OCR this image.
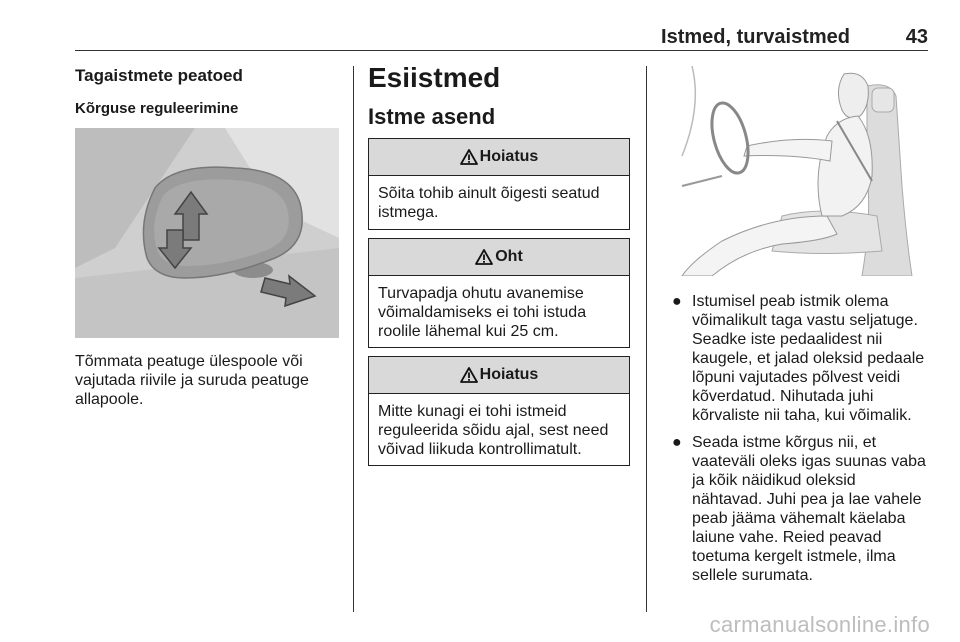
Istmed, turvaistmed	43
Tagaistmete peatoed
Kõrguse reguleerimine
Tõmmata peatuge ülespoole või vajutada riivile ja suruda peatuge allapoole.
Esiistmed
Istme asend
Hoiatus
Sõita tohib ainult õigesti seatud istmega.
Oht
Turvapadja ohutu avanemise võimaldamiseks ei tohi istuda roolile lähemal kui 25 cm.
Hoiatus
Mitte kunagi ei tohi istmeid reguleerida sõidu ajal, sest need võivad liikuda kontrollimatult.
● Istumisel peab istmik olema võimalikult taga vastu seljatuge. Seadke iste pedaalidest nii kaugele, et jalad oleksid pedaale lõpuni vajutades põlvest veidi kõverdatud. Nihutada juhi kõrvaliste nii taha, kui võimalik.
● Seada istme kõrgus nii, et vaateväli oleks igas suunas vaba ja kõik näidikud oleksid nähtavad. Juhi pea ja lae vahele peab jääma vähemalt käelaba laiune vahe. Reied peavad toetuma kergelt istmele, ilma sellele surumata.
carmanualsonline.info
